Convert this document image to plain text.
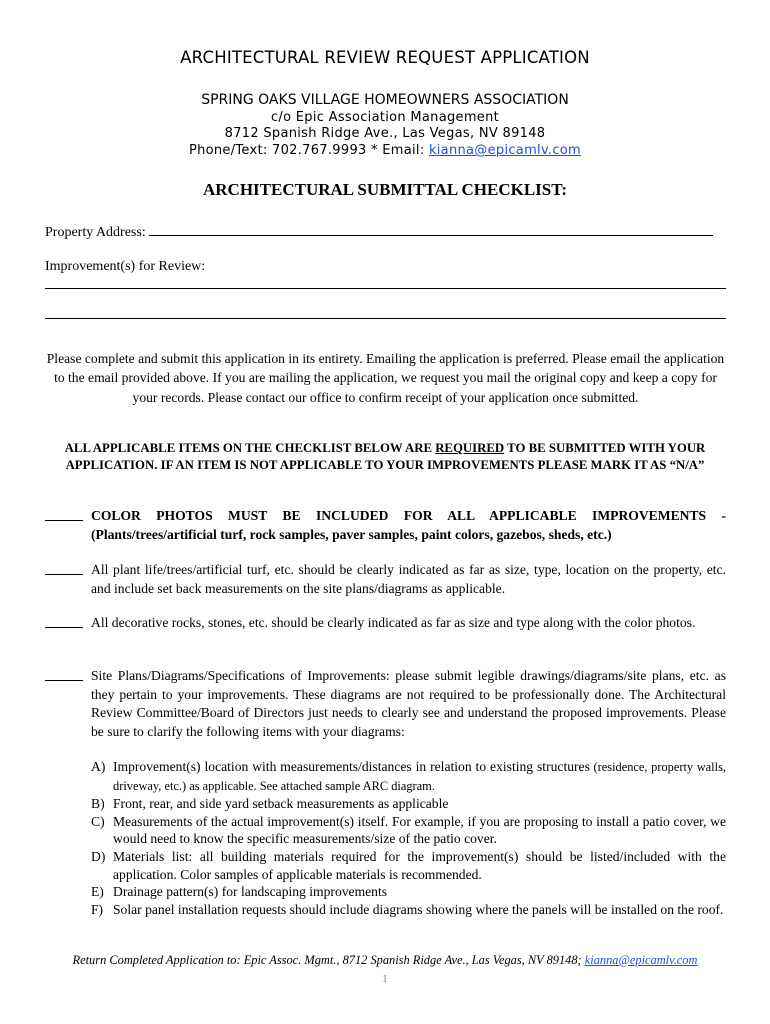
ARCHITECTURAL REVIEW REQUEST APPLICATION
SPRING OAKS VILLAGE HOMEOWNERS ASSOCIATION
c/o Epic Association Management
8712 Spanish Ridge Ave., Las Vegas, NV 89148
Phone/Text: 702.767.9993 * Email: kianna@epicamlv.com
ARCHITECTURAL SUBMITTAL CHECKLIST:
Property Address:
Improvement(s) for Review:
Please complete and submit this application in its entirety. Emailing the application is preferred. Please email the application to the email provided above. If you are mailing the application, we request you mail the original copy and keep a copy for your records. Please contact our office to confirm receipt of your application once submitted.
ALL APPLICABLE ITEMS ON THE CHECKLIST BELOW ARE REQUIRED TO BE SUBMITTED WITH YOUR APPLICATION. IF AN ITEM IS NOT APPLICABLE TO YOUR IMPROVEMENTS PLEASE MARK IT AS “N/A”
COLOR PHOTOS MUST BE INCLUDED FOR ALL APPLICABLE IMPROVEMENTS - (Plants/trees/artificial turf, rock samples, paver samples, paint colors, gazebos, sheds, etc.)
All plant life/trees/artificial turf, etc. should be clearly indicated as far as size, type, location on the property, etc. and include set back measurements on the site plans/diagrams as applicable.
All decorative rocks, stones, etc. should be clearly indicated as far as size and type along with the color photos.
Site Plans/Diagrams/Specifications of Improvements: please submit legible drawings/diagrams/site plans, etc. as they pertain to your improvements. These diagrams are not required to be professionally done. The Architectural Review Committee/Board of Directors just needs to clearly see and understand the proposed improvements. Please be sure to clarify the following items with your diagrams:
A) Improvement(s) location with measurements/distances in relation to existing structures (residence, property walls, driveway, etc.) as applicable. See attached sample ARC diagram.
B) Front, rear, and side yard setback measurements as applicable
C) Measurements of the actual improvement(s) itself. For example, if you are proposing to install a patio cover, we would need to know the specific measurements/size of the patio cover.
D) Materials list: all building materials required for the improvement(s) should be listed/included with the application. Color samples of applicable materials is recommended.
E) Drainage pattern(s) for landscaping improvements
F) Solar panel installation requests should include diagrams showing where the panels will be installed on the roof.
Return Completed Application to: Epic Assoc. Mgmt., 8712 Spanish Ridge Ave., Las Vegas, NV 89148; kianna@epicamlv.com
1
